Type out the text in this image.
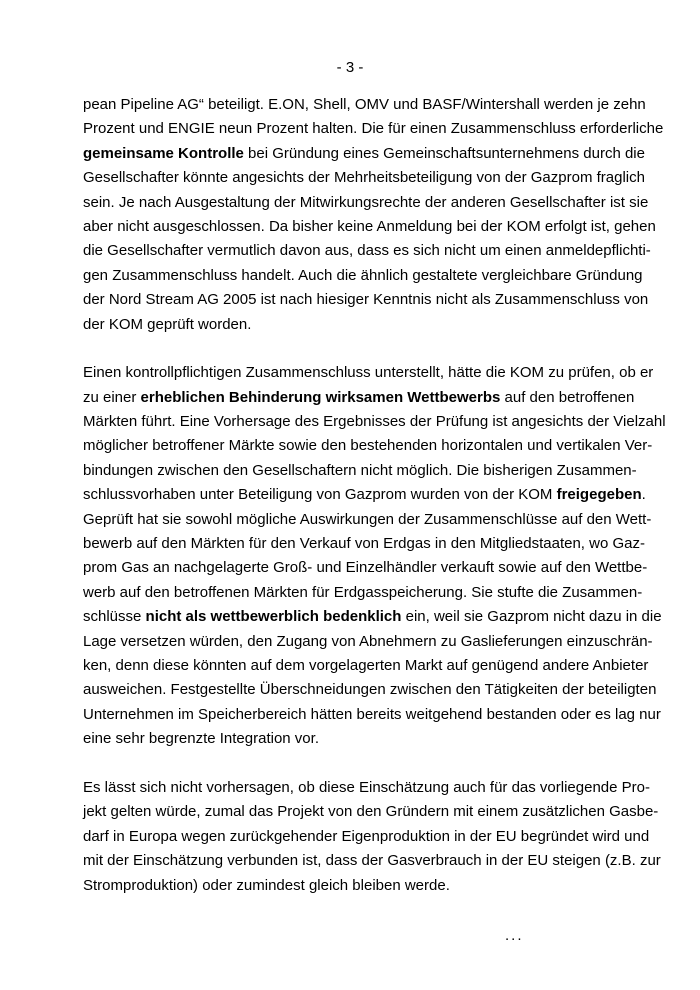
- 3 -
pean Pipeline AG“ beteiligt. E.ON, Shell, OMV und BASF/Wintershall werden je zehn
Prozent und ENGIE neun Prozent halten. Die für einen Zusammenschluss erforderliche
gemeinsame Kontrolle bei Gründung eines Gemeinschaftsunternehmens durch die
Gesellschafter könnte angesichts der Mehrheitsbeteiligung von der Gazprom fraglich
sein. Je nach Ausgestaltung der Mitwirkungsrechte der anderen Gesellschafter ist sie
aber nicht ausgeschlossen. Da bisher keine Anmeldung bei der KOM erfolgt ist, gehen
die Gesellschafter vermutlich davon aus, dass es sich nicht um einen anmeldepflichti-
gen Zusammenschluss handelt. Auch die ähnlich gestaltete vergleichbare Gründung
der Nord Stream AG 2005 ist nach hiesiger Kenntnis nicht als Zusammenschluss von
der KOM geprüft worden.
Einen kontrollpflichtigen Zusammenschluss unterstellt, hätte die KOM zu prüfen, ob er
zu einer erheblichen Behinderung wirksamen Wettbewerbs auf den betroffenen
Märkten führt. Eine Vorhersage des Ergebnisses der Prüfung ist angesichts der Vielzahl
möglicher betroffener Märkte sowie den bestehenden horizontalen und vertikalen Ver-
bindungen zwischen den Gesellschaftern nicht möglich. Die bisherigen Zusammen-
schlussvorhaben unter Beteiligung von Gazprom wurden von der KOM freigegeben.
Geprüft hat sie sowohl mögliche Auswirkungen der Zusammenschlüsse auf den Wett-
bewerb auf den Märkten für den Verkauf von Erdgas in den Mitgliedstaaten, wo Gaz-
prom Gas an nachgelagerte Groß- und Einzelhändler verkauft sowie auf den Wettbe-
werb auf den betroffenen Märkten für Erdgasspeicherung. Sie stufte die Zusammen-
schlüsse nicht als wettbewerblich bedenklich ein, weil sie Gazprom nicht dazu in die
Lage versetzen würden, den Zugang von Abnehmern zu Gaslieferungen einzuschrän-
ken, denn diese könnten auf dem vorgelagerten Markt auf genügend andere Anbieter
ausweichen. Festgestellte Überschneidungen zwischen den Tätigkeiten der beteiligten
Unternehmen im Speicherbereich hätten bereits weitgehend bestanden oder es lag nur
eine sehr begrenzte Integration vor.
Es lässt sich nicht vorhersagen, ob diese Einschätzung auch für das vorliegende Pro-
jekt gelten würde, zumal das Projekt von den Gründern mit einem zusätzlichen Gasbe-
darf in Europa wegen zurückgehender Eigenproduktion in der EU begründet wird und
mit der Einschätzung verbunden ist, dass der Gasverbrauch in der EU steigen (z.B. zur
Stromproduktion) oder zumindest gleich bleiben werde.
...
